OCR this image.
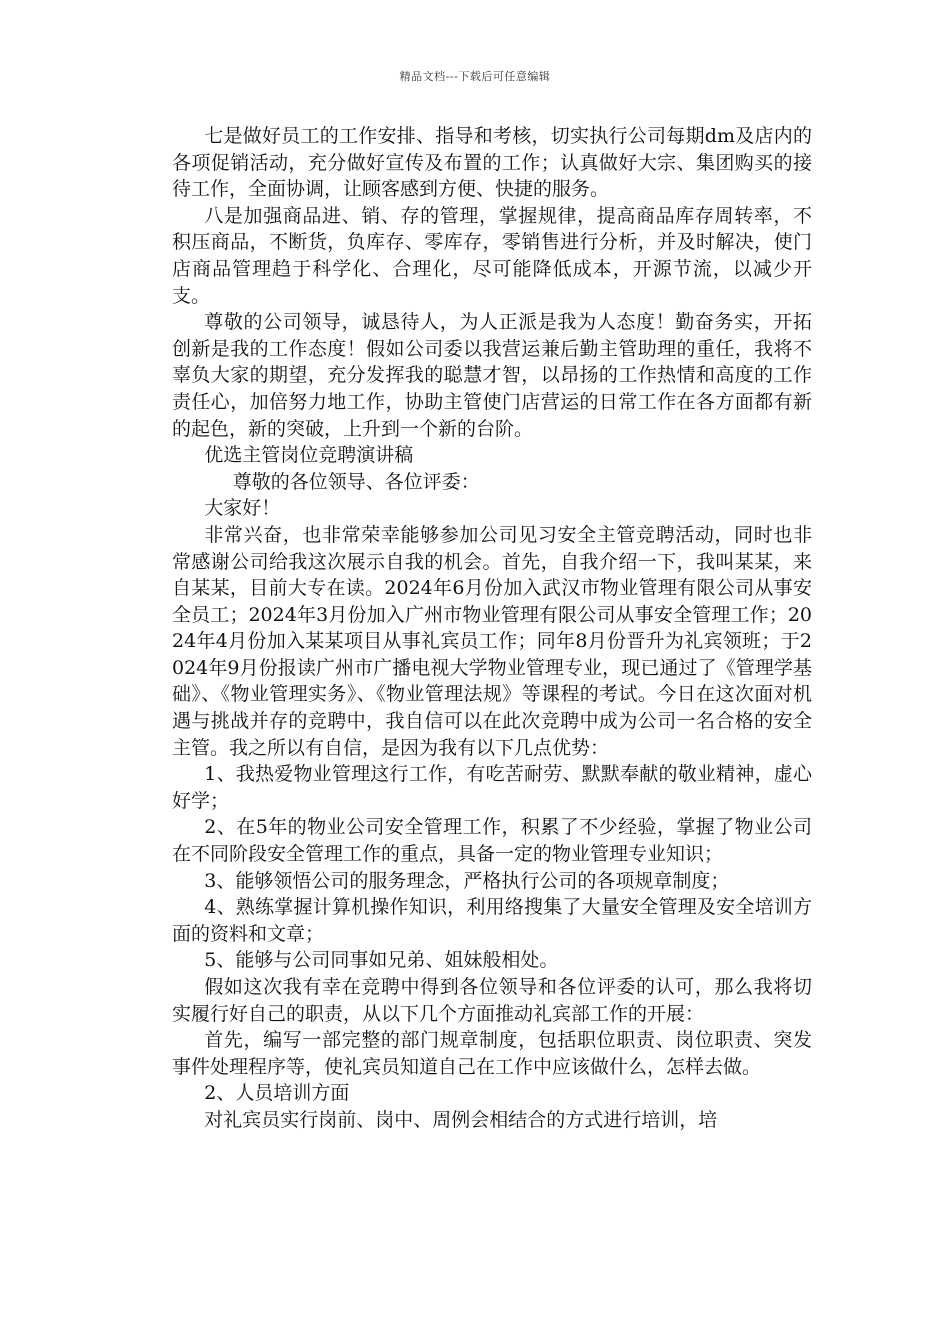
精品文档---下载后可任意编辑

七是做好员工的工作安排、指导和考核，切实执行公司每期dm及店内的各项促销活动，充分做好宣传及布置的工作；认真做好大宗、集团购买的接待工作，全面协调，让顾客感到方便、快捷的服务。

八是加强商品进、销、存的管理，掌握规律，提高商品库存周转率，不积压商品，不断货，负库存、零库存，零销售进行分析，并及时解决，使门店商品管理趋于科学化、合理化，尽可能降低成本，开源节流，以减少开支。

尊敬的公司领导，诚恳待人，为人正派是我为人态度！勤奋务实，开拓创新是我的工作态度！假如公司委以我营运兼后勤主管助理的重任，我将不辜负大家的期望，充分发挥我的聪慧才智，以昂扬的工作热情和高度的工作责任心，加倍努力地工作，协助主管使门店营运的日常工作在各方面都有新的起色，新的突破，上升到一个新的台阶。

优选主管岗位竞聘演讲稿

尊敬的各位领导、各位评委：

大家好！

非常兴奋，也非常荣幸能够参加公司见习安全主管竞聘活动，同时也非常感谢公司给我这次展示自我的机会。首先，自我介绍一下，我叫某某，来自某某，目前大专在读。2024年6月份加入武汉市物业管理有限公司从事安全员工；2024年3月份加入广州市物业管理有限公司从事安全管理工作；2024年4月份加入某某项目从事礼宾员工作；同年8月份晋升为礼宾领班；于2024年9月份报读广州市广播电视大学物业管理专业，现已通过了《管理学基础》、《物业管理实务》、《物业管理法规》等课程的考试。今日在这次面对机遇与挑战并存的竞聘中，我自信可以在此次竞聘中成为公司一名合格的安全主管。我之所以有自信，是因为我有以下几点优势：

1、我热爱物业管理这行工作，有吃苦耐劳、默默奉献的敬业精神，虚心好学；

2、在5年的物业公司安全管理工作，积累了不少经验，掌握了物业公司在不同阶段安全管理工作的重点，具备一定的物业管理专业知识；

3、能够领悟公司的服务理念，严格执行公司的各项规章制度；

4、熟练掌握计算机操作知识，利用络搜集了大量安全管理及安全培训方面的资料和文章；

5、能够与公司同事如兄弟、姐妹般相处。

假如这次我有幸在竞聘中得到各位领导和各位评委的认可，那么我将切实履行好自己的职责，从以下几个方面推动礼宾部工作的开展：

首先，编写一部完整的部门规章制度，包括职位职责、岗位职责、突发事件处理程序等，使礼宾员知道自己在工作中应该做什么，怎样去做。

2、人员培训方面

对礼宾员实行岗前、岗中、周例会相结合的方式进行培训，培
